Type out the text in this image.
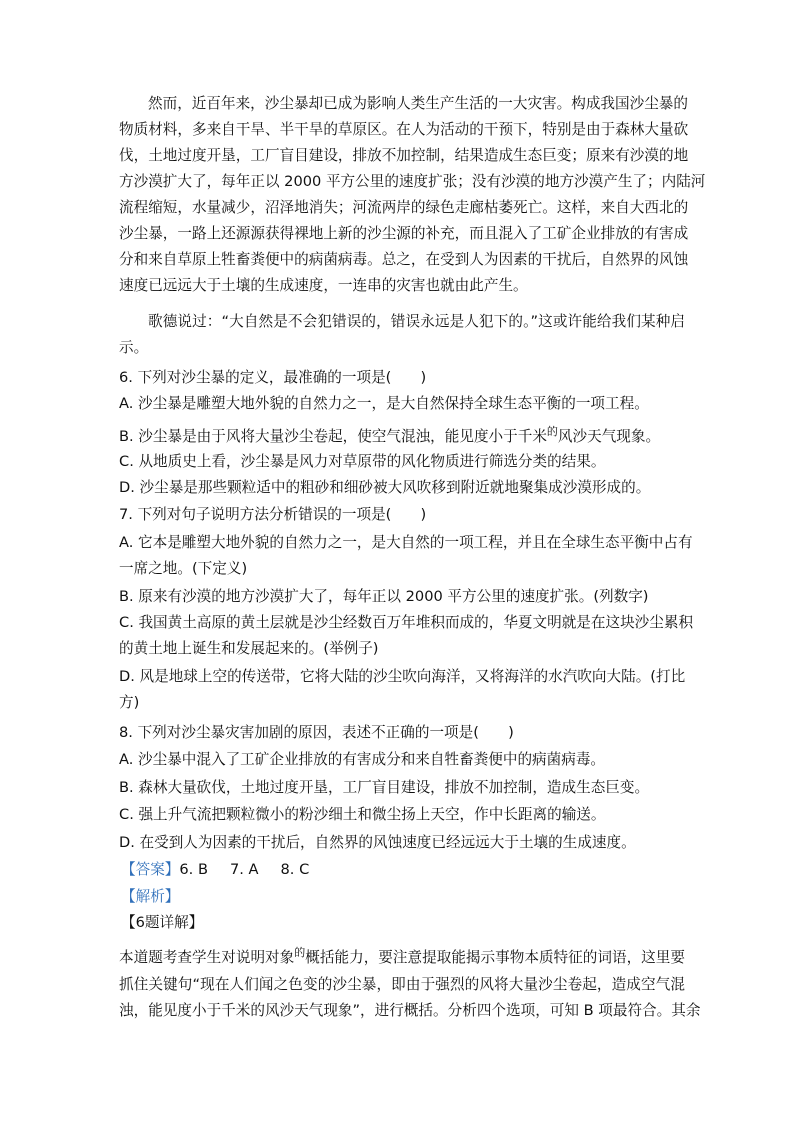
然而，近百年来，沙尘暴却已成为影响人类生产生活的一大灾害。构成我国沙尘暴的
物质材料，多来自干旱、半干旱的草原区。在人为活动的干预下，特别是由于森林大量砍
伐，土地过度开垦，工厂盲目建设，排放不加控制，结果造成生态巨变；原来有沙漠的地
方沙漠扩大了，每年正以 2000 平方公里的速度扩张；没有沙漠的地方沙漠产生了；内陆河
流程缩短，水量减少，沼泽地消失；河流两岸的绿色走廊枯萎死亡。这样，来自大西北的
沙尘暴，一路上还源源获得裸地上新的沙尘源的补充，而且混入了工矿企业排放的有害成
分和来自草原上牲畜粪便中的病菌病毒。总之，在受到人为因素的干扰后，自然界的风蚀
速度已远远大于土壤的生成速度，一连串的灾害也就由此产生。
歌德说过：“大自然是不会犯错误的，错误永远是人犯下的。”这或许能给我们某种启
示。
6. 下列对沙尘暴的定义，最准确的一项是(　　)
A. 沙尘暴是雕塑大地外貌的自然力之一，是大自然保持全球生态平衡的一项工程。
B. 沙尘暴是由于风将大量沙尘卷起，使空气混浊，能见度小于千米$^的$风沙天气现象。
C. 从地质史上看，沙尘暴是风力对草原带的风化物质进行筛选分类的结果。
D. 沙尘暴是那些颗粒适中的粗砂和细砂被大风吹移到附近就地聚集成沙漠形成的。
7. 下列对句子说明方法分析错误的一项是(　　)
A. 它本是雕塑大地外貌的自然力之一，是大自然的一项工程，并且在全球生态平衡中占有
一席之地。(下定义)
B. 原来有沙漠的地方沙漠扩大了，每年正以 2000 平方公里的速度扩张。(列数字)
C. 我国黄土高原的黄土层就是沙尘经数百万年堆积而成的，华夏文明就是在这块沙尘累积
的黄土地上诞生和发展起来的。(举例子)
D. 风是地球上空的传送带，它将大陆的沙尘吹向海洋，又将海洋的水汽吹向大陆。(打比
方)
8. 下列对沙尘暴灾害加剧的原因，表述不正确的一项是(　　)
A. 沙尘暴中混入了工矿企业排放的有害成分和来自牲畜粪便中的病菌病毒。
B. 森林大量砍伐，土地过度开垦，工厂盲目建设，排放不加控制，造成生态巨变。
C. 强上升气流把颗粒微小的粉沙细土和微尘扬上天空，作中长距离的输送。
D. 在受到人为因素的干扰后，自然界的风蚀速度已经远远大于土壤的生成速度。
【答案】6. B 7. A 8. C
【解析】
【6题详解】
本道题考查学生对说明对象$^的$概括能力，要注意提取能揭示事物本质特征的词语，这里要
抓住关键句“现在人们闻之色变的沙尘暴，即由于强烈的风将大量沙尘卷起，造成空气混
浊，能见度小于千米的风沙天气现象”，进行概括。分析四个选项，可知 B 项最符合。其余
